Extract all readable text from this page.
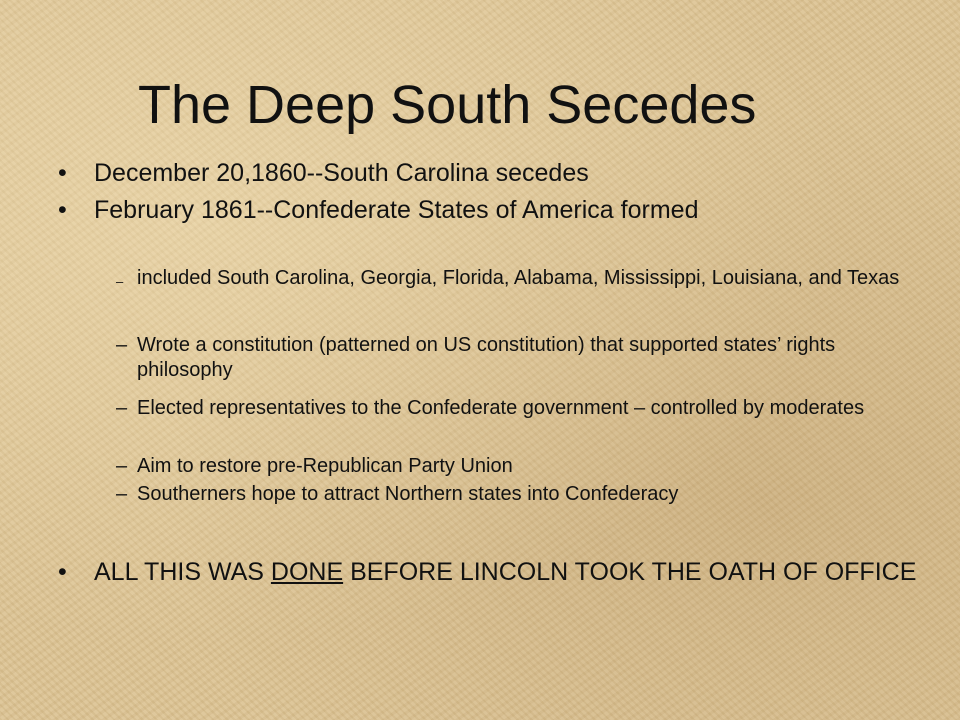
The Deep South Secedes
• December 20,1860--South Carolina secedes
• February 1861--Confederate States of America formed
– included South Carolina, Georgia, Florida, Alabama, Mississippi, Louisiana, and Texas
– Wrote a constitution (patterned on US constitution) that supported states’ rights philosophy
– Elected representatives to the Confederate government – controlled by moderates
– Aim to restore pre-Republican Party Union
– Southerners hope to attract Northern states into Confederacy
• ALL THIS WAS DONE BEFORE LINCOLN TOOK THE OATH OF OFFICE
